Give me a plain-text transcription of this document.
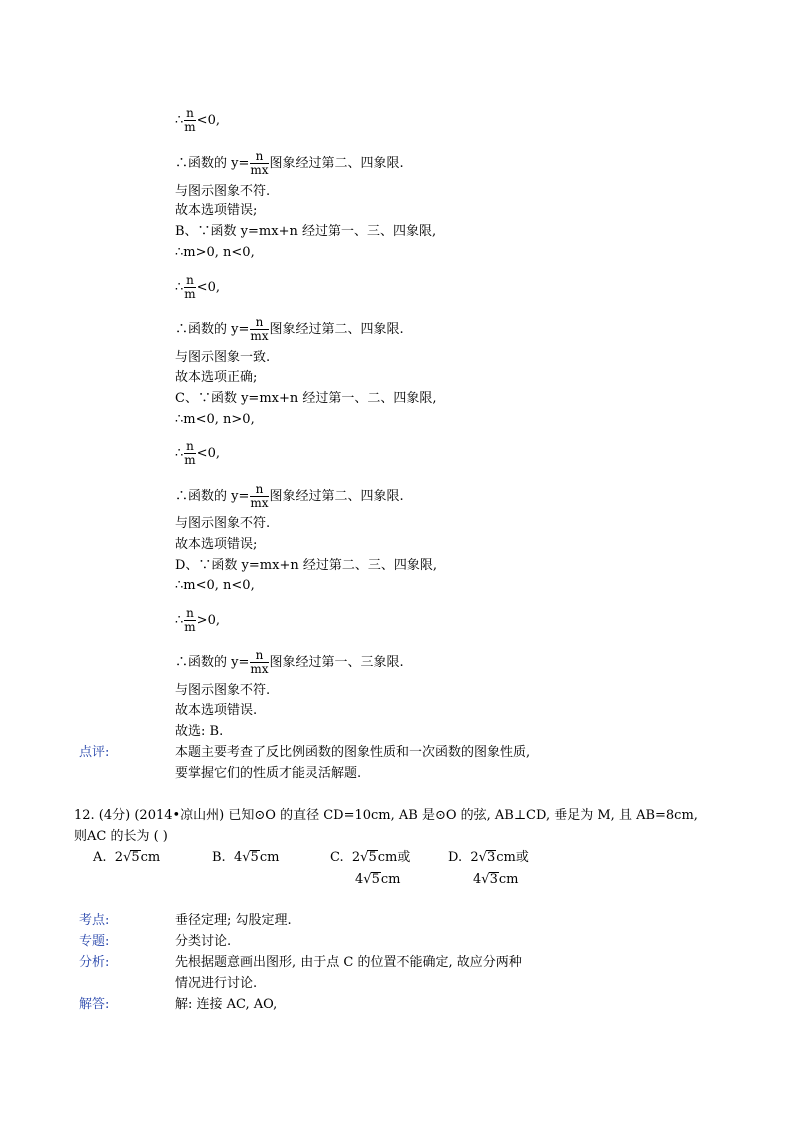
∴ $\frac{n}{m} <0$,
∴函数的 $y= \frac{n}{mx}$ 图象经过第二、四象限.
与图示图象不符.
故本选项错误;
B、∵函数 y=mx+n 经过第一、三、四象限,
∴m>0, n<0,
∴ $\frac{n}{m} <0$,
∴函数的 $y= \frac{n}{mx}$ 图象经过第二、四象限.
与图示图象一致.
故本选项正确;
C、∵函数 y=mx+n 经过第一、二、四象限,
∴m<0, n>0,
∴ $\frac{n}{m} <0$,
∴函数的 $y= \frac{n}{mx}$ 图象经过第二、四象限.
与图示图象不符.
故本选项错误;
D、∵函数 y=mx+n 经过第二、三、四象限,
∴m<0, n<0,
∴ $\frac{n}{m} >0$,
∴函数的 $y= \frac{n}{mx}$ 图象经过第一、三象限.
与图示图象不符.
故本选项错误.
故选: B.
点评:	本题主要考查了反比例函数的图象性质和一次函数的图象性质,
要掌握它们的性质才能灵活解题.
12. (4分) (2014•凉山州) 已知⊙O 的直径 CD=10cm, AB 是⊙O 的弦, AB⊥CD, 垂足为 M, 且 AB=8cm,
则AC 的长为 ( )
A. 2√5cm	B. 4√5cm	C. 2√5cm或
4√5cm
D. 2√3cm或
4√3cm
考点:	垂径定理; 勾股定理.
专题:	分类讨论.
分析:	先根据题意画出图形, 由于点 C 的位置不能确定, 故应分两种
情况进行讨论.
解答:	解: 连接 AC, AO,
